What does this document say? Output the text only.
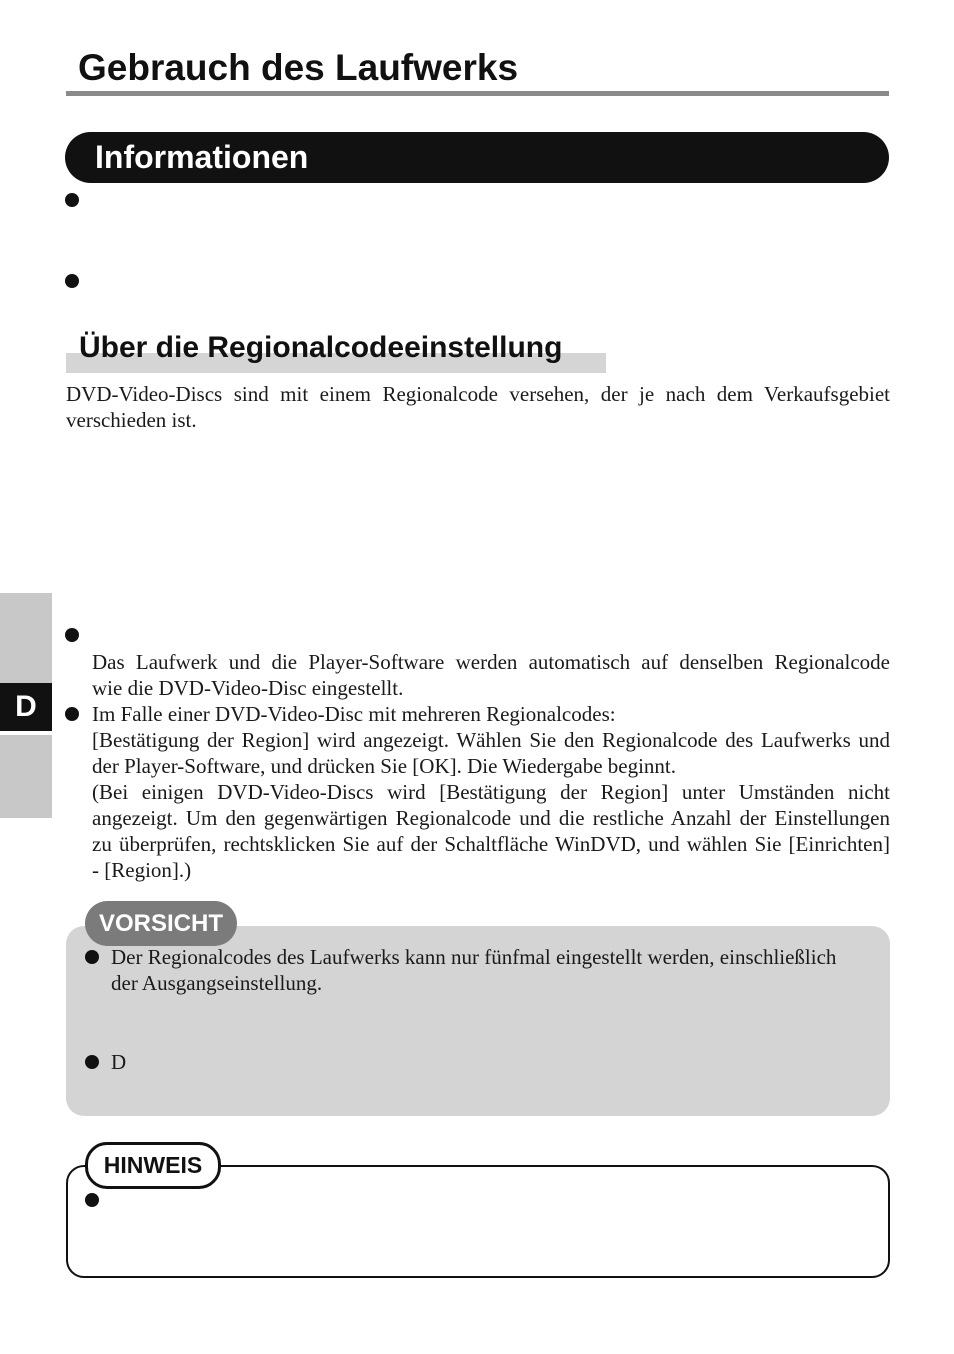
Gebrauch des Laufwerks
Informationen
Über die Regionalcodeeinstellung
DVD-Video-Discs sind mit einem Regionalcode versehen, der je nach dem Verkaufsgebiet
verschieden ist.
D
Das Laufwerk und die Player-Software werden automatisch auf denselben Regionalcode
wie die DVD-Video-Disc eingestellt.
Im Falle einer DVD-Video-Disc mit mehreren Regionalcodes:
[Bestätigung der Region] wird angezeigt. Wählen Sie den Regionalcode des Laufwerks und
der Player-Software, und drücken Sie [OK]. Die Wiedergabe beginnt.
(Bei einigen DVD-Video-Discs wird [Bestätigung der Region] unter Umständen nicht
angezeigt. Um den gegenwärtigen Regionalcode und die restliche Anzahl der Einstellungen
zu überprüfen, rechtsklicken Sie auf der Schaltfläche WinDVD, und wählen Sie [Einrichten]
- [Region].)
VORSICHT
Der Regionalcodes des Laufwerks kann nur fünfmal eingestellt werden, einschließlich
der Ausgangseinstellung.
D
HINWEIS
